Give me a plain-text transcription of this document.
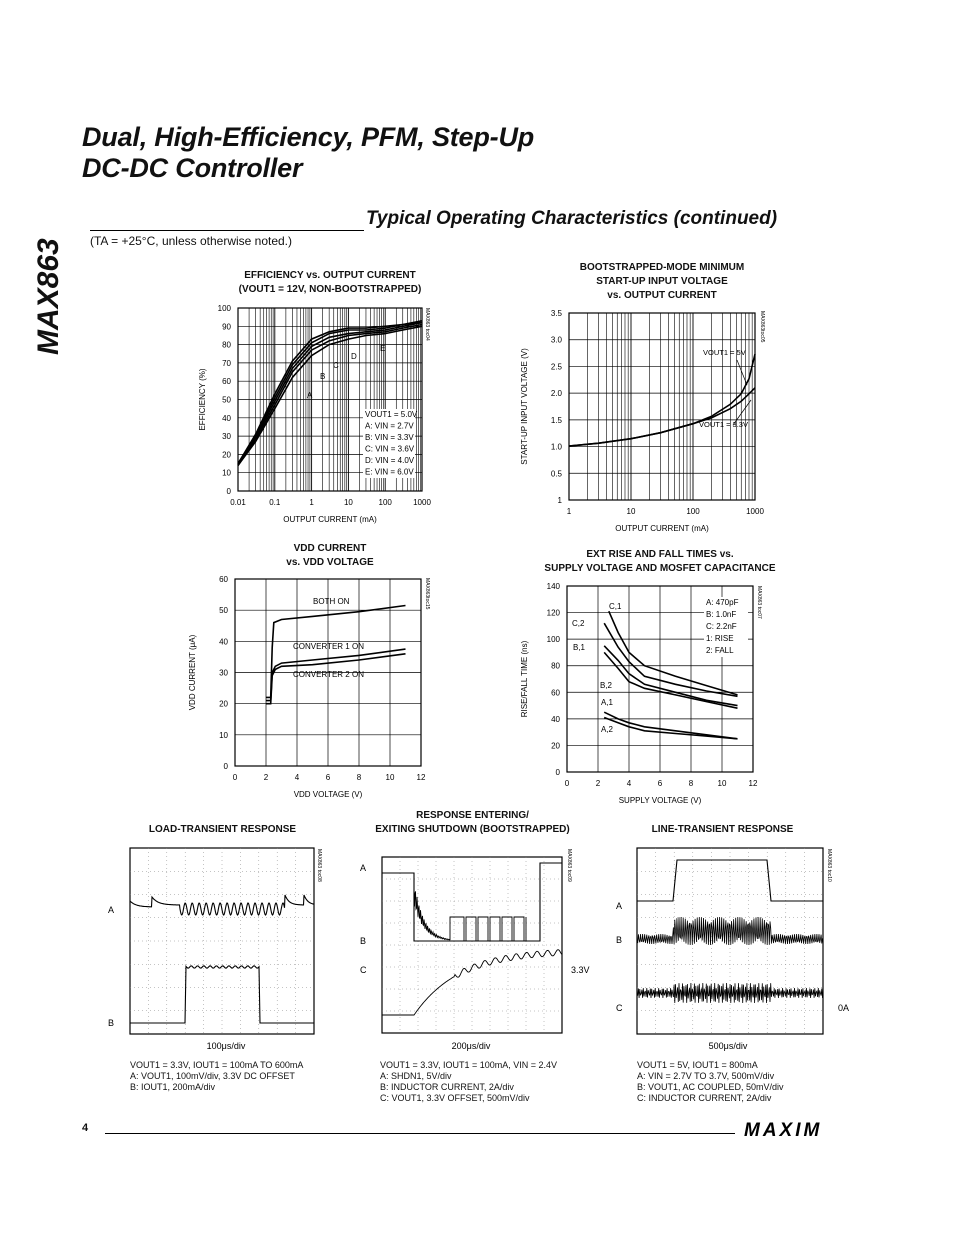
MAX863
Dual, High-Efficiency, PFM, Step-Up
DC-DC Controller
Typical Operating Characteristics (continued)
(TA = +25°C, unless otherwise noted.)
EFFICIENCY vs. OUTPUT CURRENT
(VOUT1 = 12V, NON-BOOTSTRAPPED)
BOOTSTRAPPED-MODE MINIMUM
START-UP INPUT VOLTAGE
vs. OUTPUT CURRENT
VDD CURRENT
vs. VDD VOLTAGE
EXT RISE AND FALL TIMES vs.
SUPPLY VOLTAGE AND MOSFET CAPACITANCE
MAX863 toc04
0.01	0.1	1	10	100	1000
0
10
20
30
40
50
60
70
80
90
100
OUTPUT CURRENT (mA)
EFFICIENCY (%)	A
B
C
D
E
VOUT1 = 5.0V
A: VIN = 2.7V
B: VIN = 3.3V
C: VIN = 3.6V
D: VIN = 4.0V
E: VIN = 6.0V
MAX863toc05
1	10	100	1000
1
0.5
1.0
1.5
2.0
2.5
3.0
3.5
OUTPUT CURRENT (mA)
START-UP INPUT VOLTAGE (V)	VOUT1 = 5V
VOUT1 = 3.3V
MAX863toc15
0	2	4	6	8	10	12
0
10
20
30
40
50
60
VDD VOLTAGE (V)
VDD CURRENT (μA)
BOTH ON
CONVERTER 1 ON
CONVERTER 2 ON
MAX863 toc07
0	2	4	6	8	10	12
0
20
40
60
80
100
120
140
SUPPLY VOLTAGE (V)
RISE/FALL TIME (ns)
C,1
C,2
B,1
B,2
A,1
A,2
A: 470pF
B: 1.0nF
C: 2.2nF
1: RISE
2: FALL
LOAD-TRANSIENT RESPONSE
RESPONSE ENTERING/
EXITING SHUTDOWN (BOOTSTRAPPED)	LINE-TRANSIENT RESPONSE
A
B
MAX863 toc08
100μs/div
A
B
C	3.3V
MAX863 toc09
200μs/div
A
B
C	0A
MAX863 toc10
500μs/div
VOUT1 = 3.3V, IOUT1 = 100mA TO 600mA
A: VOUT1, 100mV/div, 3.3V DC OFFSET
B: IOUT1, 200mA/div
VOUT1 = 3.3V, IOUT1 = 100mA, VIN = 2.4V
A: SHDN1, 5V/div
B: INDUCTOR CURRENT, 2A/div
C: VOUT1, 3.3V OFFSET, 500mV/div
VOUT1 = 5V, IOUT1 = 800mA
A: VIN = 2.7V TO 3.7V, 500mV/div
B: VOUT1, AC COUPLED, 50mV/div
C: INDUCTOR CURRENT, 2A/div
4	MAXIM
